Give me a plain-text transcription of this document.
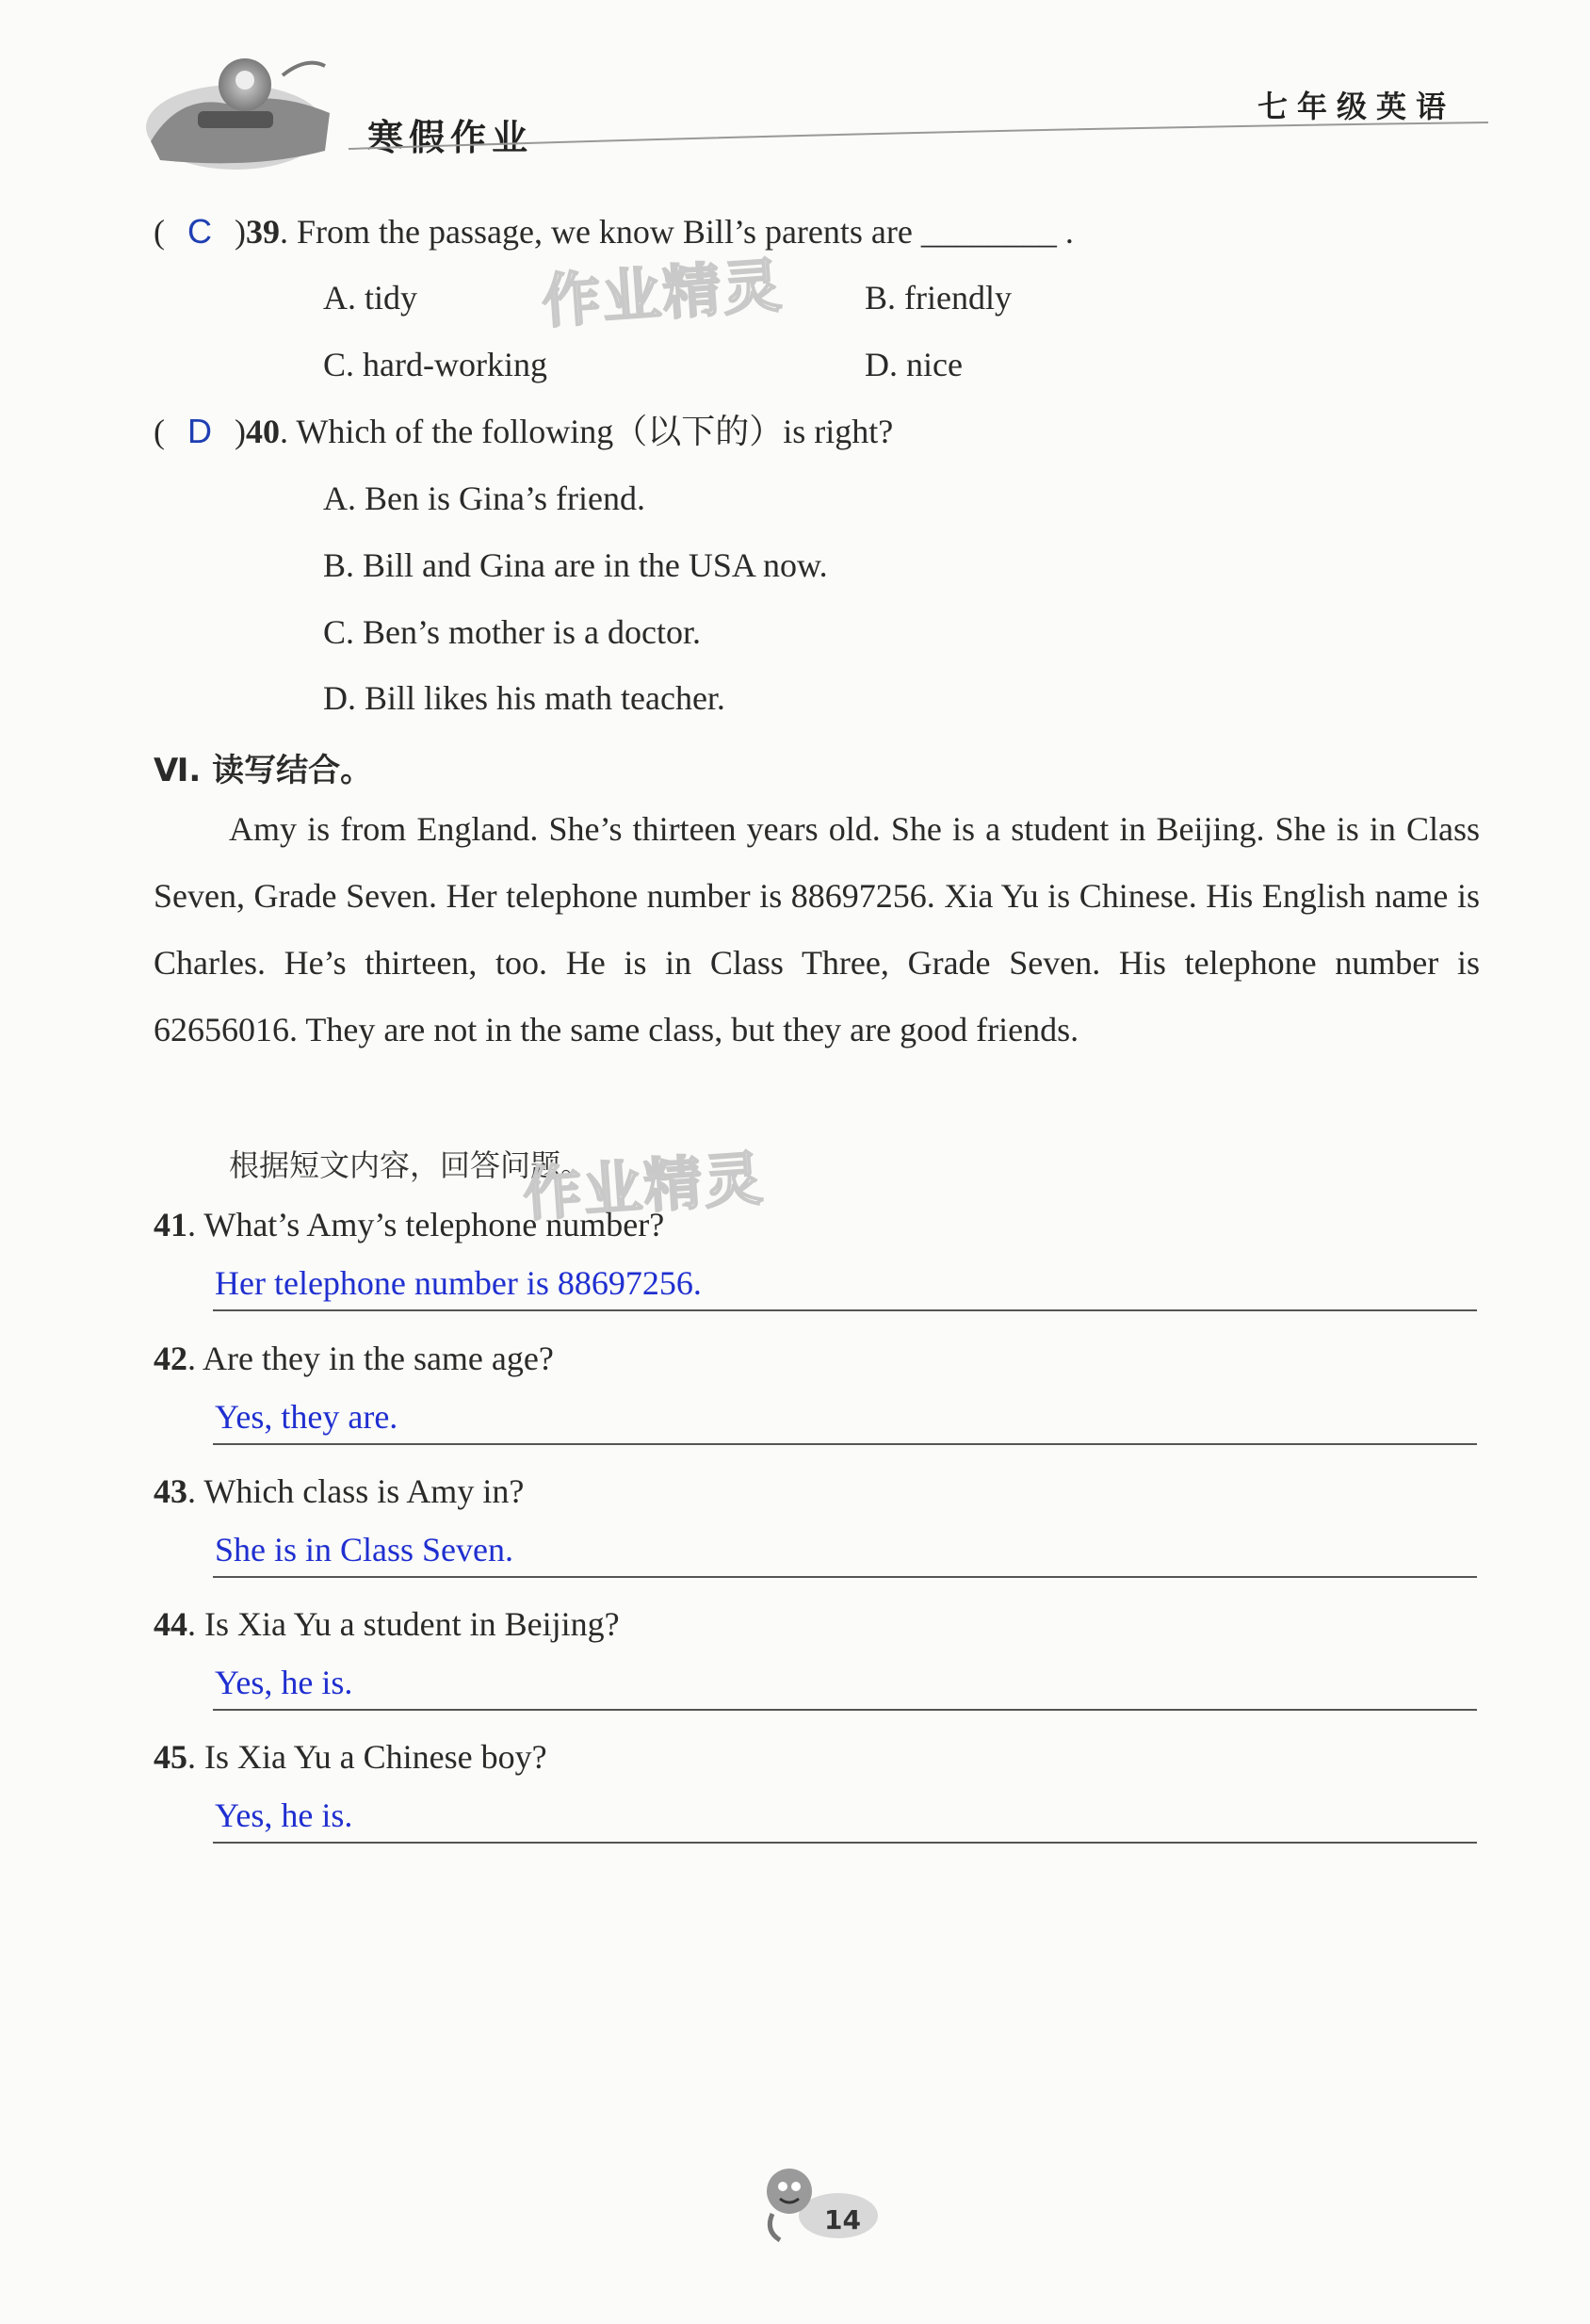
寒假作业
七年级英语
( C )39. From the passage, we know Bill’s parents are ________ .
A. tidy	B. friendly
C. hard-working	D. nice
( D )40. Which of the following（以下的）is right?
A. Ben is Gina’s friend.
B. Bill and Gina are in the USA now.
C. Ben’s mother is a doctor.
D. Bill likes his math teacher.
Ⅵ. 读写结合。
Amy is from England. She’s thirteen years old. She is a student in Beijing. She is in Class Seven, Grade Seven. Her telephone number is 88697256. Xia Yu is Chinese. His English name is Charles. He’s thirteen, too. He is in Class Three, Grade Seven. His telephone number is 62656016. They are not in the same class, but they are good friends.
根据短文内容，回答问题。
作业精灵
作业精灵
41. What’s Amy’s telephone number?
Her telephone number is 88697256.
42. Are they in the same age?
Yes, they are.
43. Which class is Amy in?
She is in Class Seven.
44. Is Xia Yu a student in Beijing?
Yes, he is.
45. Is Xia Yu a Chinese boy?
Yes, he is.
14
